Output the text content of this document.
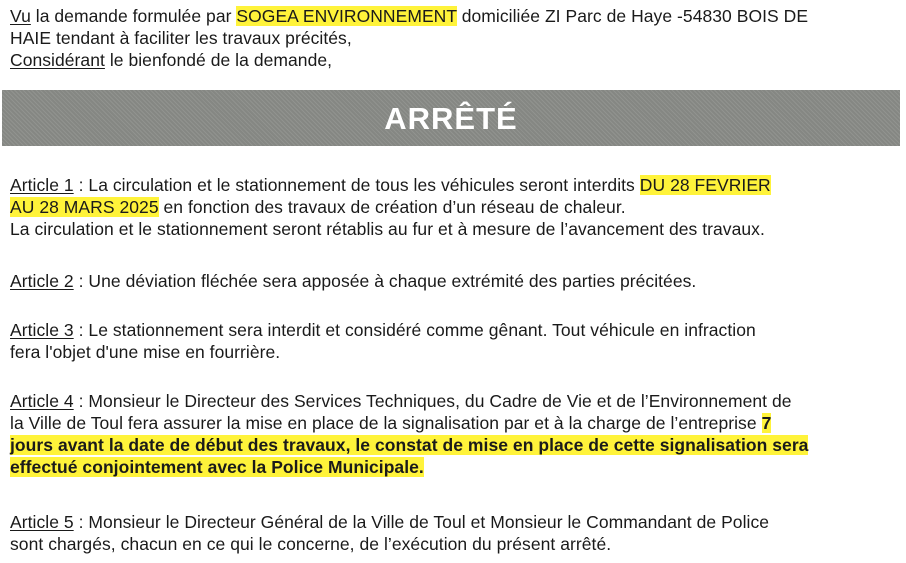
Vu la demande formulée par SOGEA ENVIRONNEMENT domiciliée ZI Parc de Haye -54830 BOIS DE
HAIE tendant à faciliter les travaux précités,
Considérant le bienfondé de la demande,
ARRÊTÉ
Article 1 : La circulation et le stationnement de tous les véhicules seront interdits DU 28 FEVRIER
AU 28 MARS 2025 en fonction des travaux de création d’un réseau de chaleur.
La circulation et le stationnement seront rétablis au fur et à mesure de l’avancement des travaux.
Article 2 : Une déviation fléchée sera apposée à chaque extrémité des parties précitées.
Article 3 : Le stationnement sera interdit et considéré comme gênant. Tout véhicule en infraction
fera l'objet d'une mise en fourrière.
Article 4 : Monsieur le Directeur des Services Techniques, du Cadre de Vie et de l’Environnement de
la Ville de Toul fera assurer la mise en place de la signalisation par et à la charge de l’entreprise 7
jours avant la date de début des travaux, le constat de mise en place de cette signalisation sera
effectué conjointement avec la Police Municipale.
Article 5 : Monsieur le Directeur Général de la Ville de Toul et Monsieur le Commandant de Police
sont chargés, chacun en ce qui le concerne, de l’exécution du présent arrêté.
